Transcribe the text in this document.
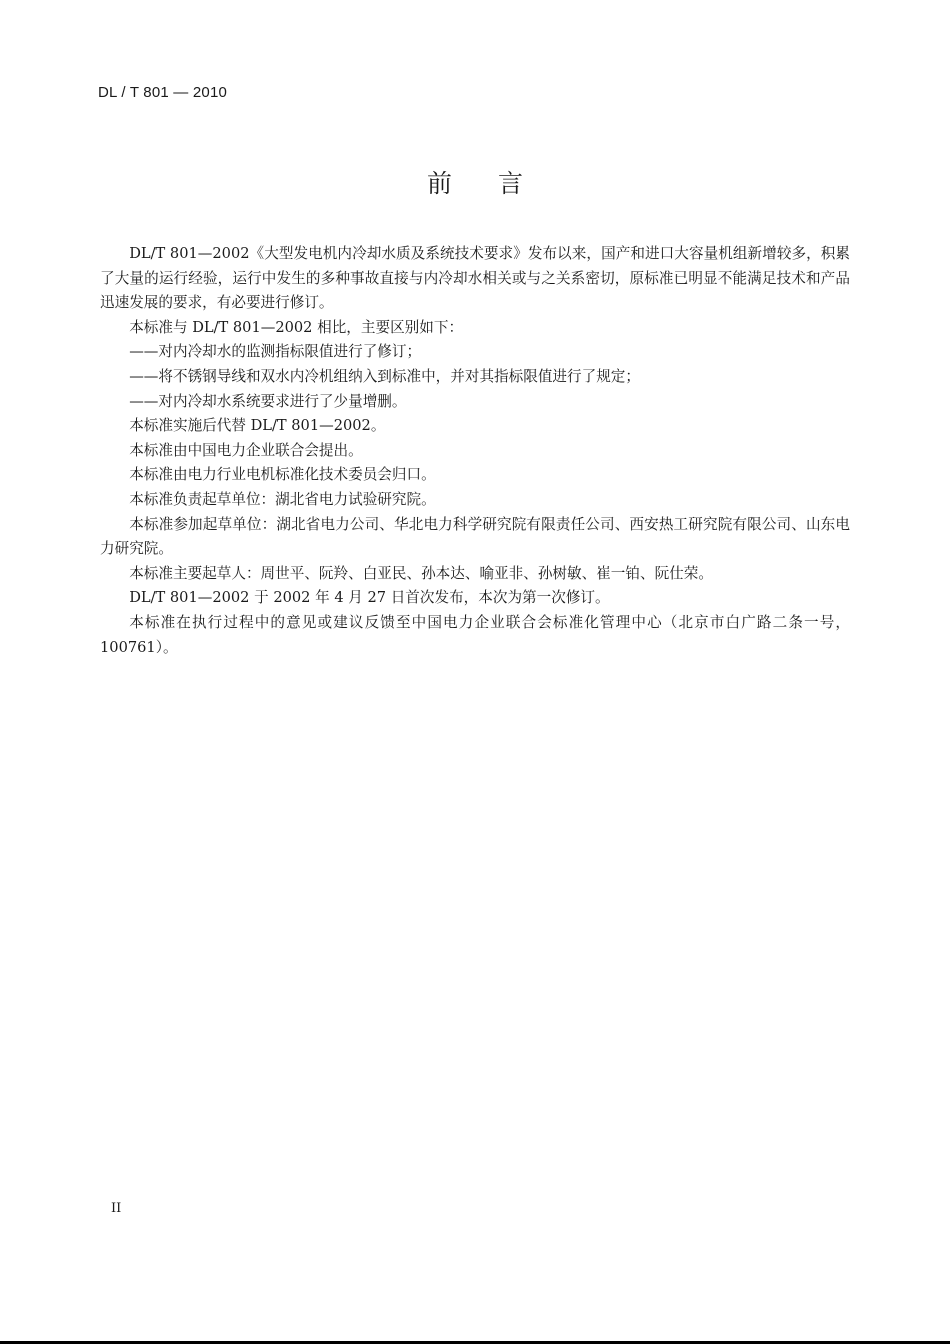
DL / T 801 — 2010
前言

DL/T 801—2002《大型发电机内冷却水质及系统技术要求》发布以来，国产和进口大容量机组新增较多，积累了大量的运行经验，运行中发生的多种事故直接与内冷却水相关或与之关系密切，原标准已明显不能满足技术和产品迅速发展的要求，有必要进行修订。

本标准与 DL/T 801—2002 相比，主要区别如下：

——对内冷却水的监测指标限值进行了修订；

——将不锈钢导线和双水内冷机组纳入到标准中，并对其指标限值进行了规定；

——对内冷却水系统要求进行了少量增删。

本标准实施后代替 DL/T 801—2002。

本标准由中国电力企业联合会提出。

本标准由电力行业电机标准化技术委员会归口。

本标准负责起草单位：湖北省电力试验研究院。

本标准参加起草单位：湖北省电力公司、华北电力科学研究院有限责任公司、西安热工研究院有限公司、山东电力研究院。

本标准主要起草人：周世平、阮羚、白亚民、孙本达、喻亚非、孙树敏、崔一铂、阮仕荣。

DL/T 801—2002 于 2002 年 4 月 27 日首次发布，本次为第一次修订。

本标准在执行过程中的意见或建议反馈至中国电力企业联合会标准化管理中心（北京市白广路二条一号，100761）。

II
